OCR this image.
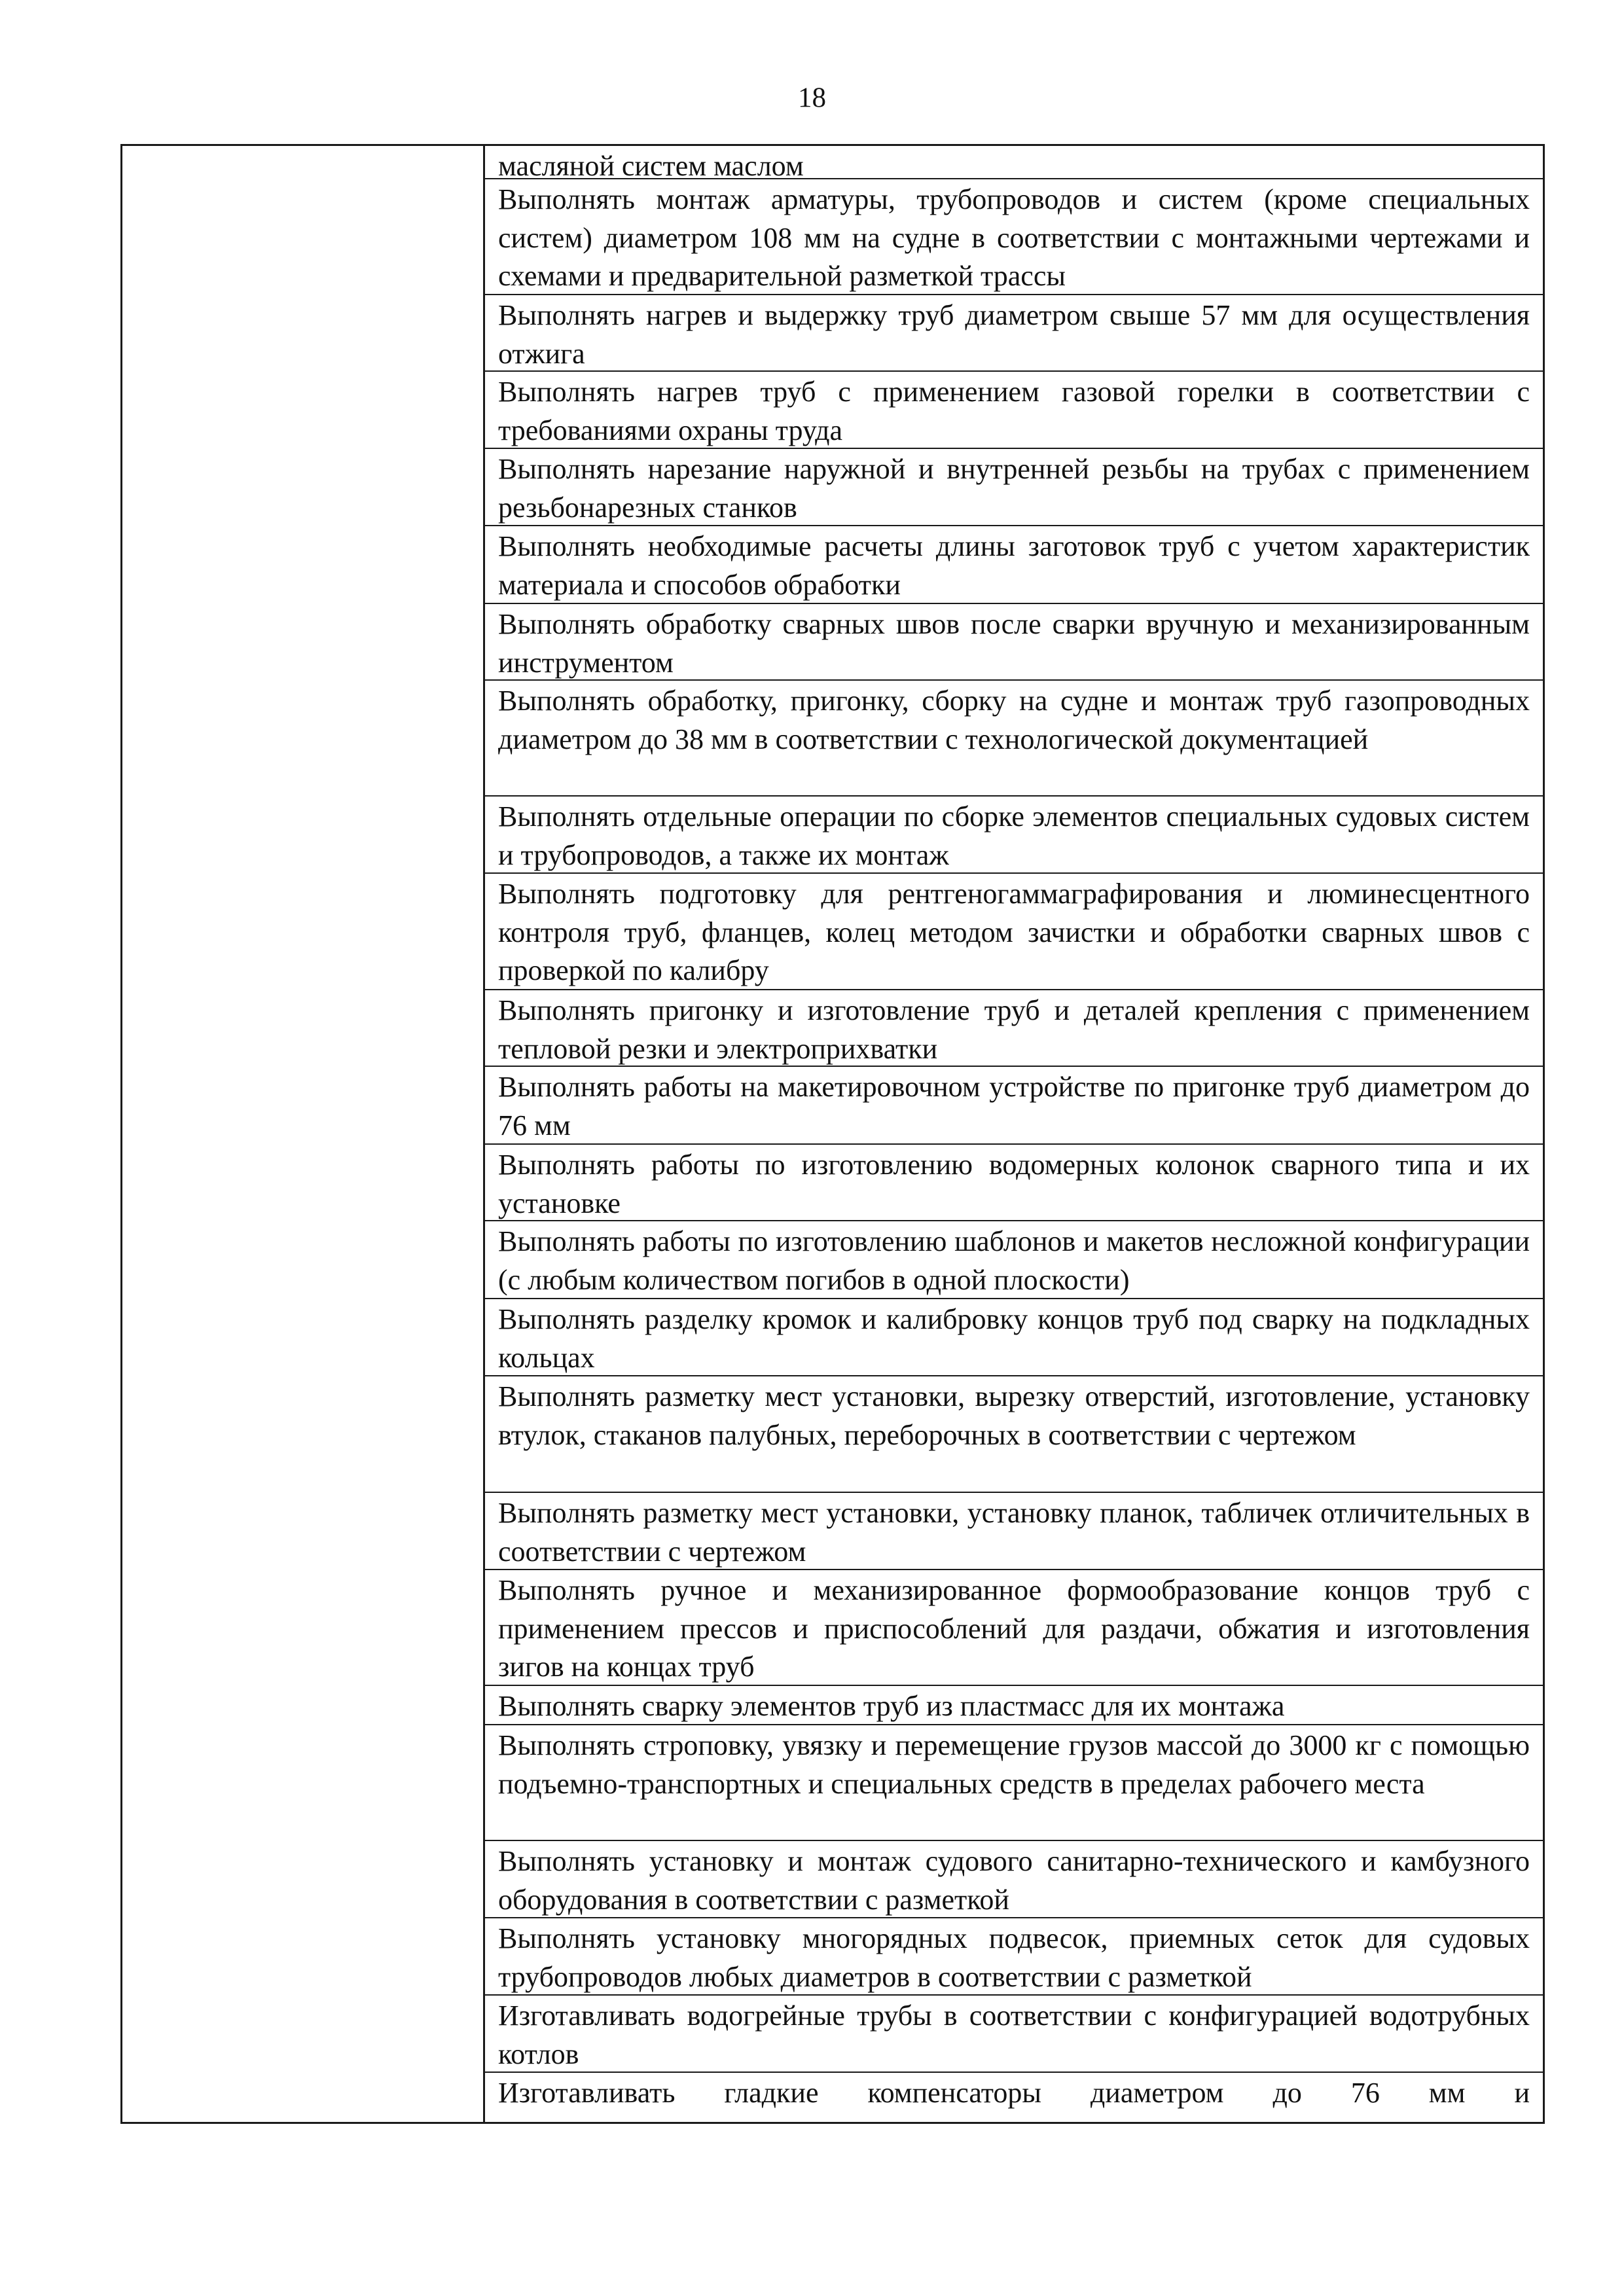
18
масляной систем маслом
Выполнять монтаж арматуры, трубопроводов и систем (кроме специальных систем) диаметром 108 мм на судне в соответствии с монтажными чертежами и схемами и предварительной разметкой трассы
Выполнять нагрев и выдержку труб диаметром свыше 57 мм для осуществления отжига
Выполнять нагрев труб с применением газовой горелки в соответствии с требованиями охраны труда
Выполнять нарезание наружной и внутренней резьбы на трубах с применением резьбонарезных станков
Выполнять необходимые расчеты длины заготовок труб с учетом характеристик материала и способов обработки
Выполнять обработку сварных швов после сварки вручную и механизированным инструментом
Выполнять обработку, пригонку, сборку на судне и монтаж труб газопроводных диаметром до 38 мм в соответствии с технологической документацией
Выполнять отдельные операции по сборке элементов специальных судовых систем и трубопроводов, а также их монтаж
Выполнять подготовку для рентгеногаммаграфирования и люминесцентного контроля труб, фланцев, колец методом зачистки и обработки сварных швов с проверкой по калибру
Выполнять пригонку и изготовление труб и деталей крепления с применением тепловой резки и электроприхватки
Выполнять работы на макетировочном устройстве по пригонке труб диаметром до 76 мм
Выполнять работы по изготовлению водомерных колонок сварного типа и их установке
Выполнять работы по изготовлению шаблонов и макетов несложной конфигурации (с любым количеством погибов в одной плоскости)
Выполнять разделку кромок и калибровку концов труб под сварку на подкладных кольцах
Выполнять разметку мест установки, вырезку отверстий, изготовление, установку втулок, стаканов палубных, переборочных в соответствии с чертежом
Выполнять разметку мест установки, установку планок, табличек отличительных в соответствии с чертежом
Выполнять ручное и механизированное формообразование концов труб с применением прессов и приспособлений для раздачи, обжатия и изготовления зигов на концах труб
Выполнять сварку элементов труб из пластмасс для их монтажа
Выполнять строповку, увязку и перемещение грузов массой до 3000 кг с помощью подъемно-транспортных и специальных средств в пределах рабочего места
Выполнять установку и монтаж судового санитарно-технического и камбузного оборудования в соответствии с разметкой
Выполнять установку многорядных подвесок, приемных сеток для судовых трубопроводов любых диаметров в соответствии с разметкой
Изготавливать водогрейные трубы в соответствии с конфигурацией водотрубных котлов
Изготавливать гладкие компенсаторы диаметром до 76 мм и
